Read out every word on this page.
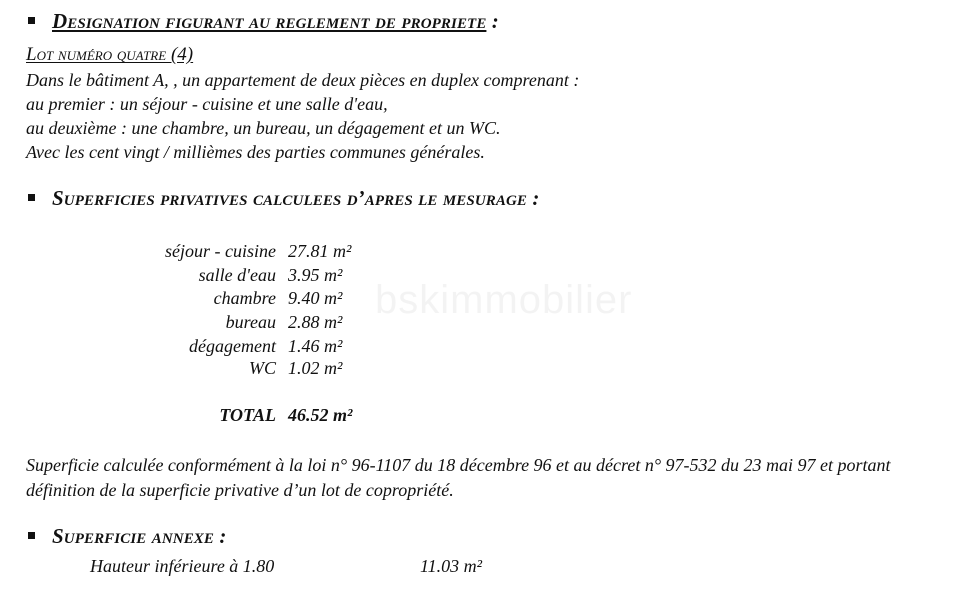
Designation figurant au reglement de propriete :
Lot numéro quatre (4)
Dans le bâtiment A, , un appartement de deux pièces en duplex comprenant :
au premier : un séjour - cuisine et une salle d'eau,
au deuxième : une chambre, un bureau, un dégagement et un WC.
Avec les cent vingt / millièmes des parties communes générales.
Superficies privatives calculees d’apres le mesurage :
séjour - cuisine 27.81 m²
salle d'eau 3.95 m²
chambre 9.40 m²
bureau 2.88 m²
dégagement 1.46 m²
WC 1.02 m²
TOTAL 46.52 m²
Superficie calculée conformément à la loi n° 96-1107 du 18 décembre 96 et au décret n° 97-532 du 23 mai 97 et portant définition de la superficie privative d’un lot de copropriété.
Superficie annexe :
Hauteur inférieure à 1.80	11.03 m²
